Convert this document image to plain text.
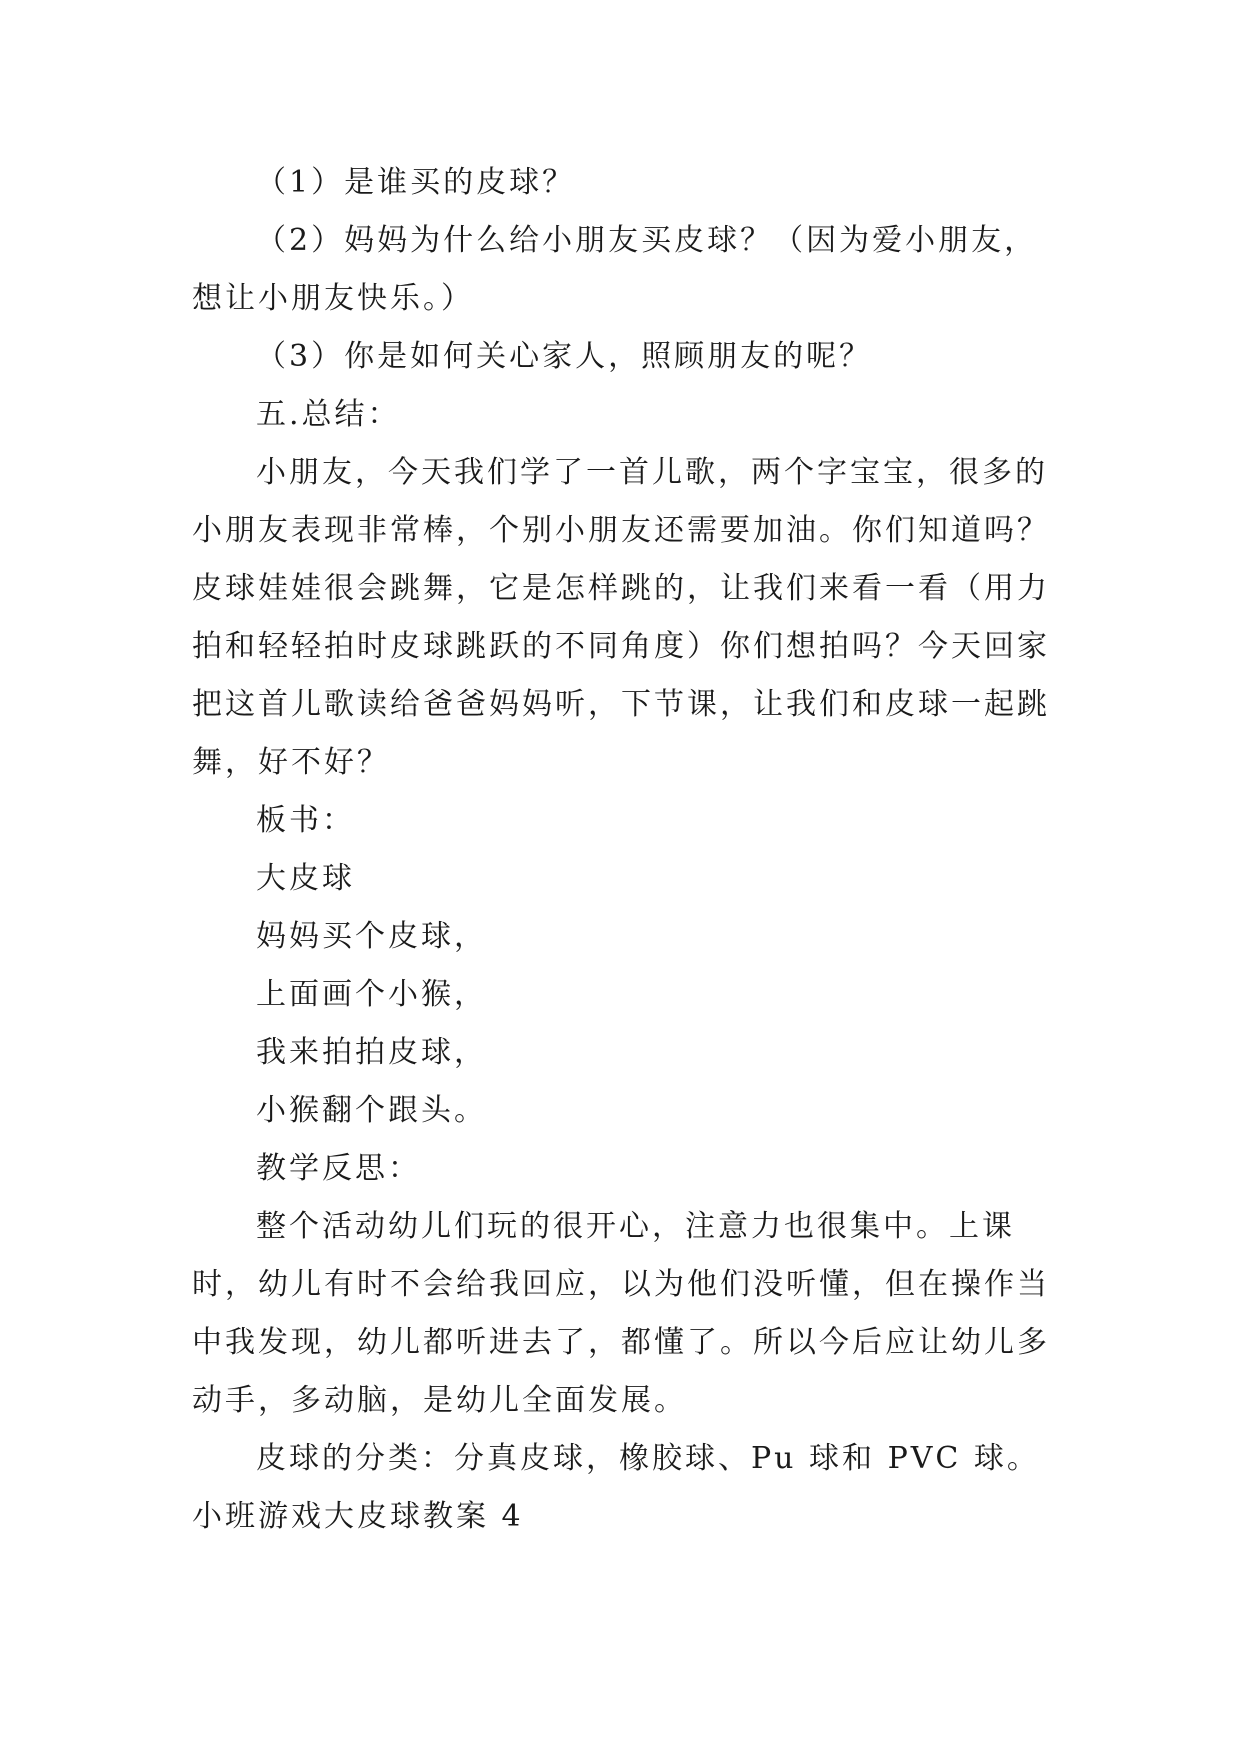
（1）是谁买的皮球？

（2）妈妈为什么给小朋友买皮球？（因为爱小朋友，想让小朋友快乐。）

（3）你是如何关心家人，照顾朋友的呢？

五.总结：

小朋友，今天我们学了一首儿歌，两个字宝宝，很多的小朋友表现非常棒，个别小朋友还需要加油。你们知道吗？皮球娃娃很会跳舞，它是怎样跳的，让我们来看一看（用力拍和轻轻拍时皮球跳跃的不同角度）你们想拍吗？今天回家把这首儿歌读给爸爸妈妈听，下节课，让我们和皮球一起跳舞，好不好？

板书：

大皮球

妈妈买个皮球，

上面画个小猴，

我来拍拍皮球，

小猴翻个跟头。

教学反思：

整个活动幼儿们玩的很开心，注意力也很集中。上课时，幼儿有时不会给我回应，以为他们没听懂，但在操作当中我发现，幼儿都听进去了，都懂了。所以今后应让幼儿多动手，多动脑，是幼儿全面发展。

皮球的分类：分真皮球，橡胶球、Pu 球和 PVC 球。

小班游戏大皮球教案 4
